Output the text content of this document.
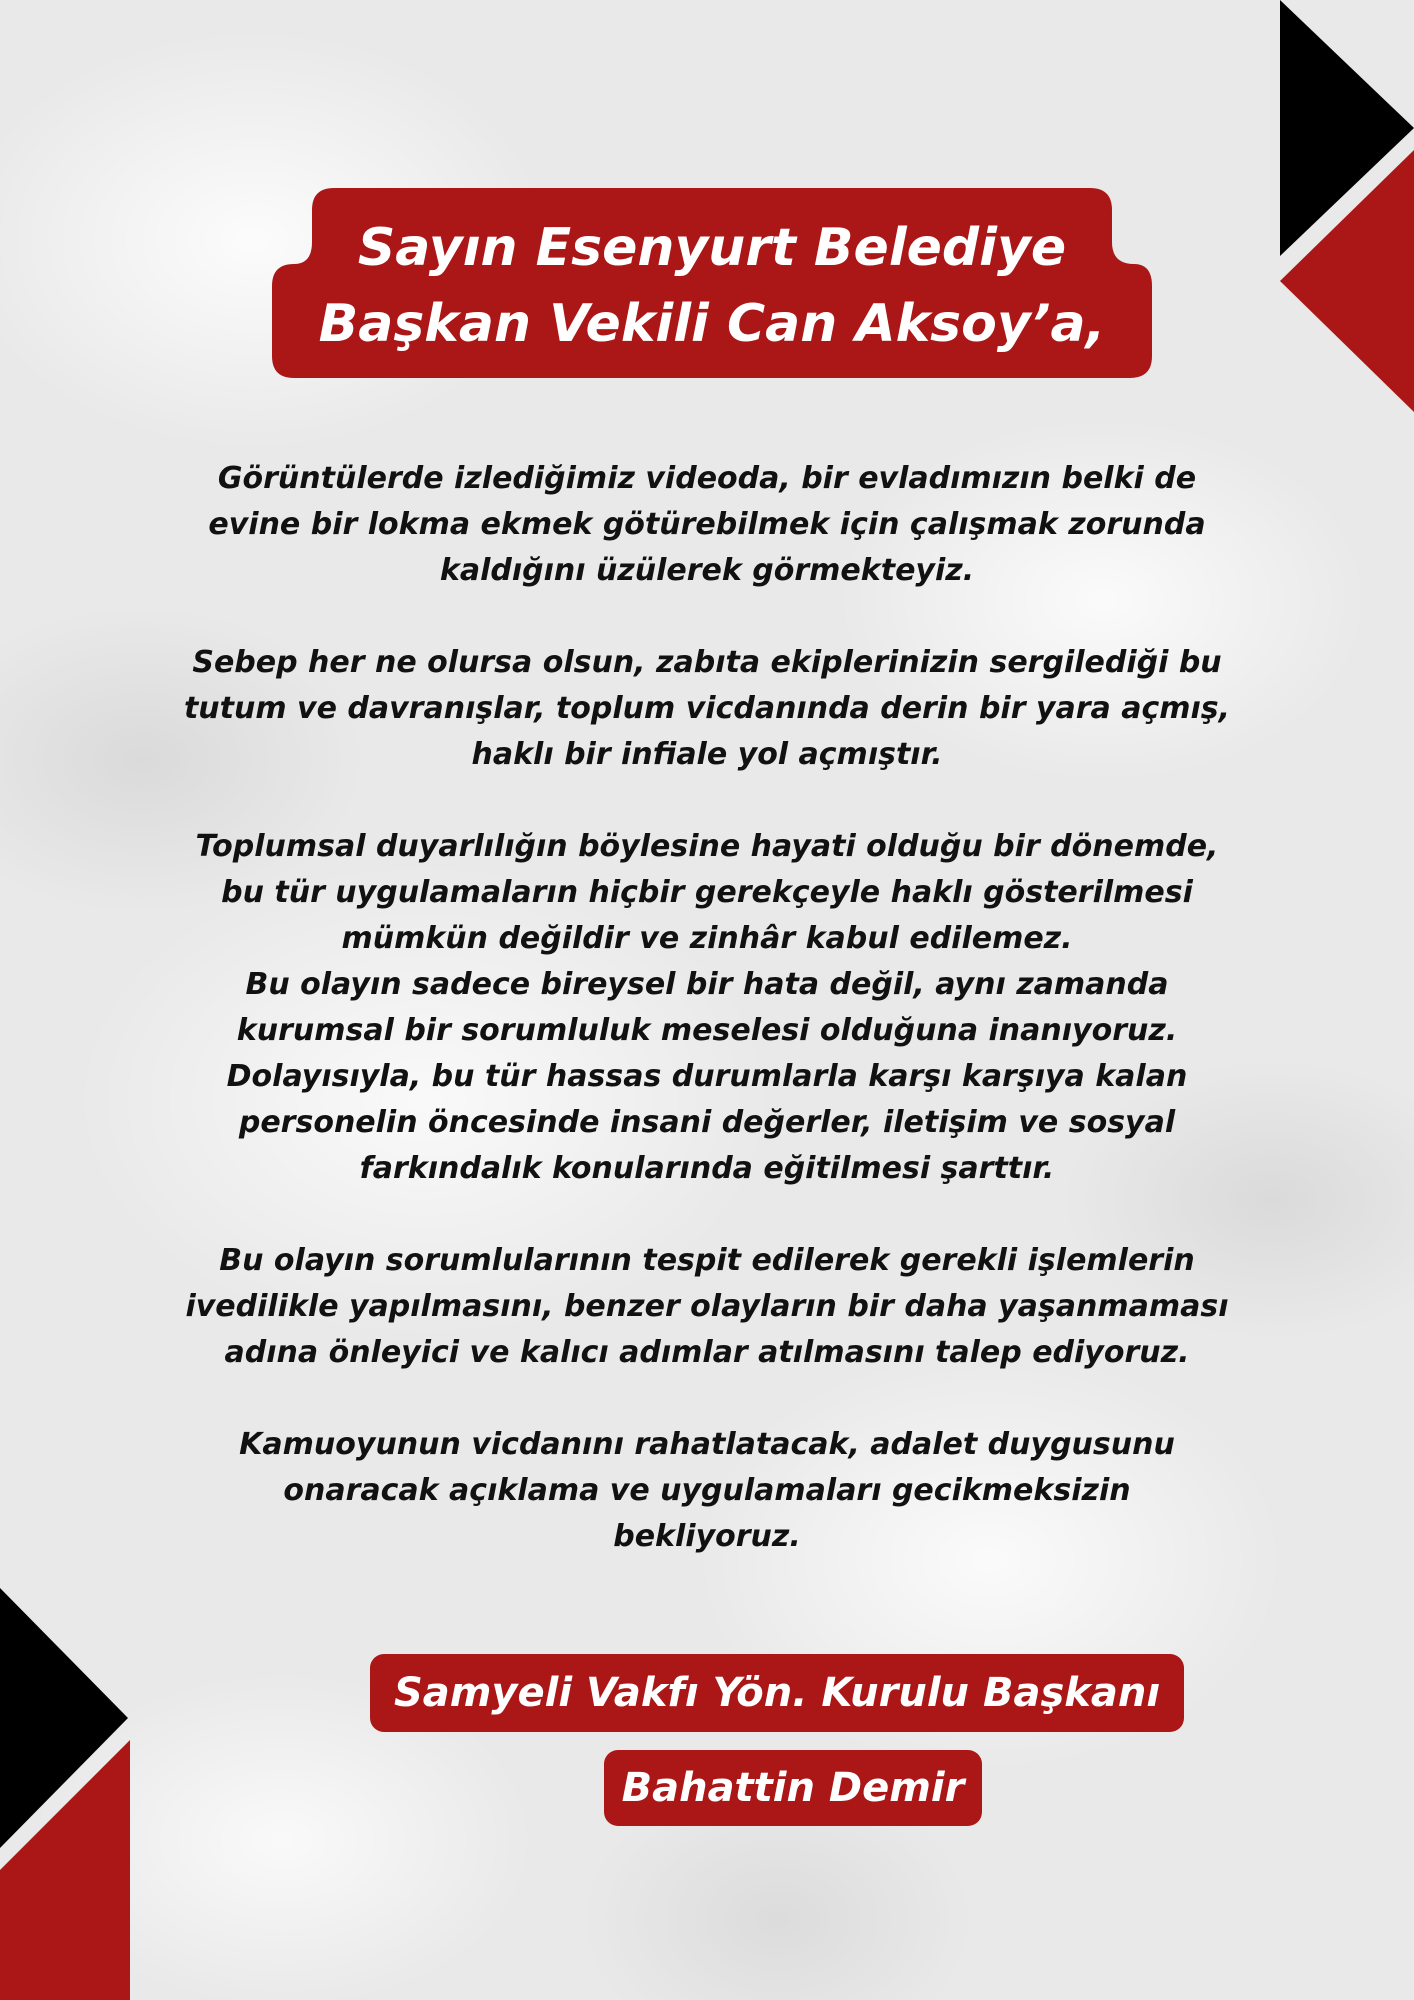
Sayın Esenyurt Belediye
Başkan Vekili Can Aksoy’a,

Görüntülerde izlediğimiz videoda, bir evladımızın belki de
evine bir lokma ekmek götürebilmek için çalışmak zorunda
kaldığını üzülerek görmekteyiz.

Sebep her ne olursa olsun, zabıta ekiplerinizin sergilediği bu
tutum ve davranışlar, toplum vicdanında derin bir yara açmış,
haklı bir infiale yol açmıştır.

Toplumsal duyarlılığın böylesine hayati olduğu bir dönemde,
bu tür uygulamaların hiçbir gerekçeyle haklı gösterilmesi
mümkün değildir ve zinhâr kabul edilemez.
Bu olayın sadece bireysel bir hata değil, aynı zamanda
kurumsal bir sorumluluk meselesi olduğuna inanıyoruz.
Dolayısıyla, bu tür hassas durumlarla karşı karşıya kalan
personelin öncesinde insani değerler, iletişim ve sosyal
farkındalık konularında eğitilmesi şarttır.

Bu olayın sorumlularının tespit edilerek gerekli işlemlerin
ivedilikle yapılmasını, benzer olayların bir daha yaşanmaması
adına önleyici ve kalıcı adımlar atılmasını talep ediyoruz.

Kamuoyunun vicdanını rahatlatacak, adalet duygusunu
onaracak açıklama ve uygulamaları gecikmeksizin
bekliyoruz.

Samyeli Vakfı Yön. Kurulu Başkanı
Bahattin Demir
